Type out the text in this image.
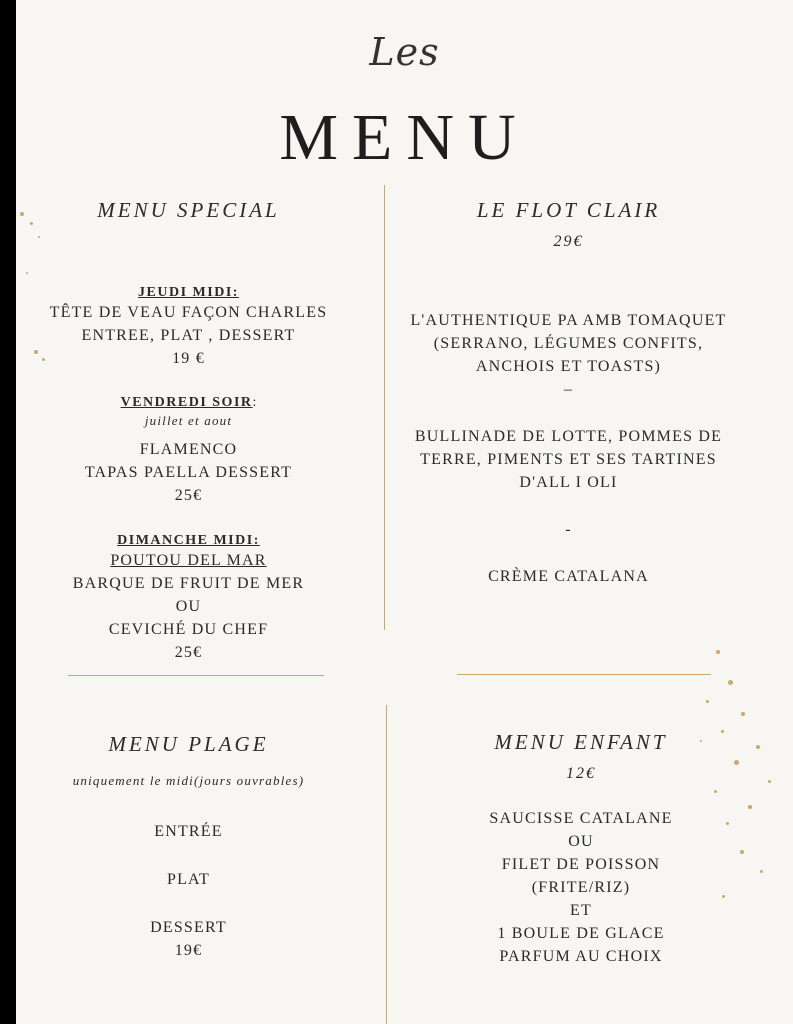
Les
MENU
MENU SPECIAL
JEUDI MIDI:
TÊTE DE VEAU FAÇON CHARLES
ENTREE, PLAT , DESSERT
19 €
VENDREDI SOIR:
juillet et aout
FLAMENCO
TAPAS PAELLA DESSERT
25€
DIMANCHE MIDI:
POUTOU DEL MAR
BARQUE DE FRUIT DE MER
OU
CEVICHÉ DU CHEF
25€
LE FLOT CLAIR
29€
L'AUTHENTIQUE PA AMB TOMAQUET
(SERRANO, LÉGUMES CONFITS,
ANCHOIS ET TOASTS)
–
BULLINADE DE LOTTE, POMMES DE
TERRE, PIMENTS ET SES TARTINES
D'ALL I OLI
-
CRÈME CATALANA
MENU PLAGE
uniquement le midi(jours ouvrables)
ENTRÉE
PLAT
DESSERT
19€
MENU ENFANT
12€
SAUCISSE CATALANE
OU
FILET DE POISSON
(FRITE/RIZ)
ET
1 BOULE DE GLACE
PARFUM AU CHOIX
